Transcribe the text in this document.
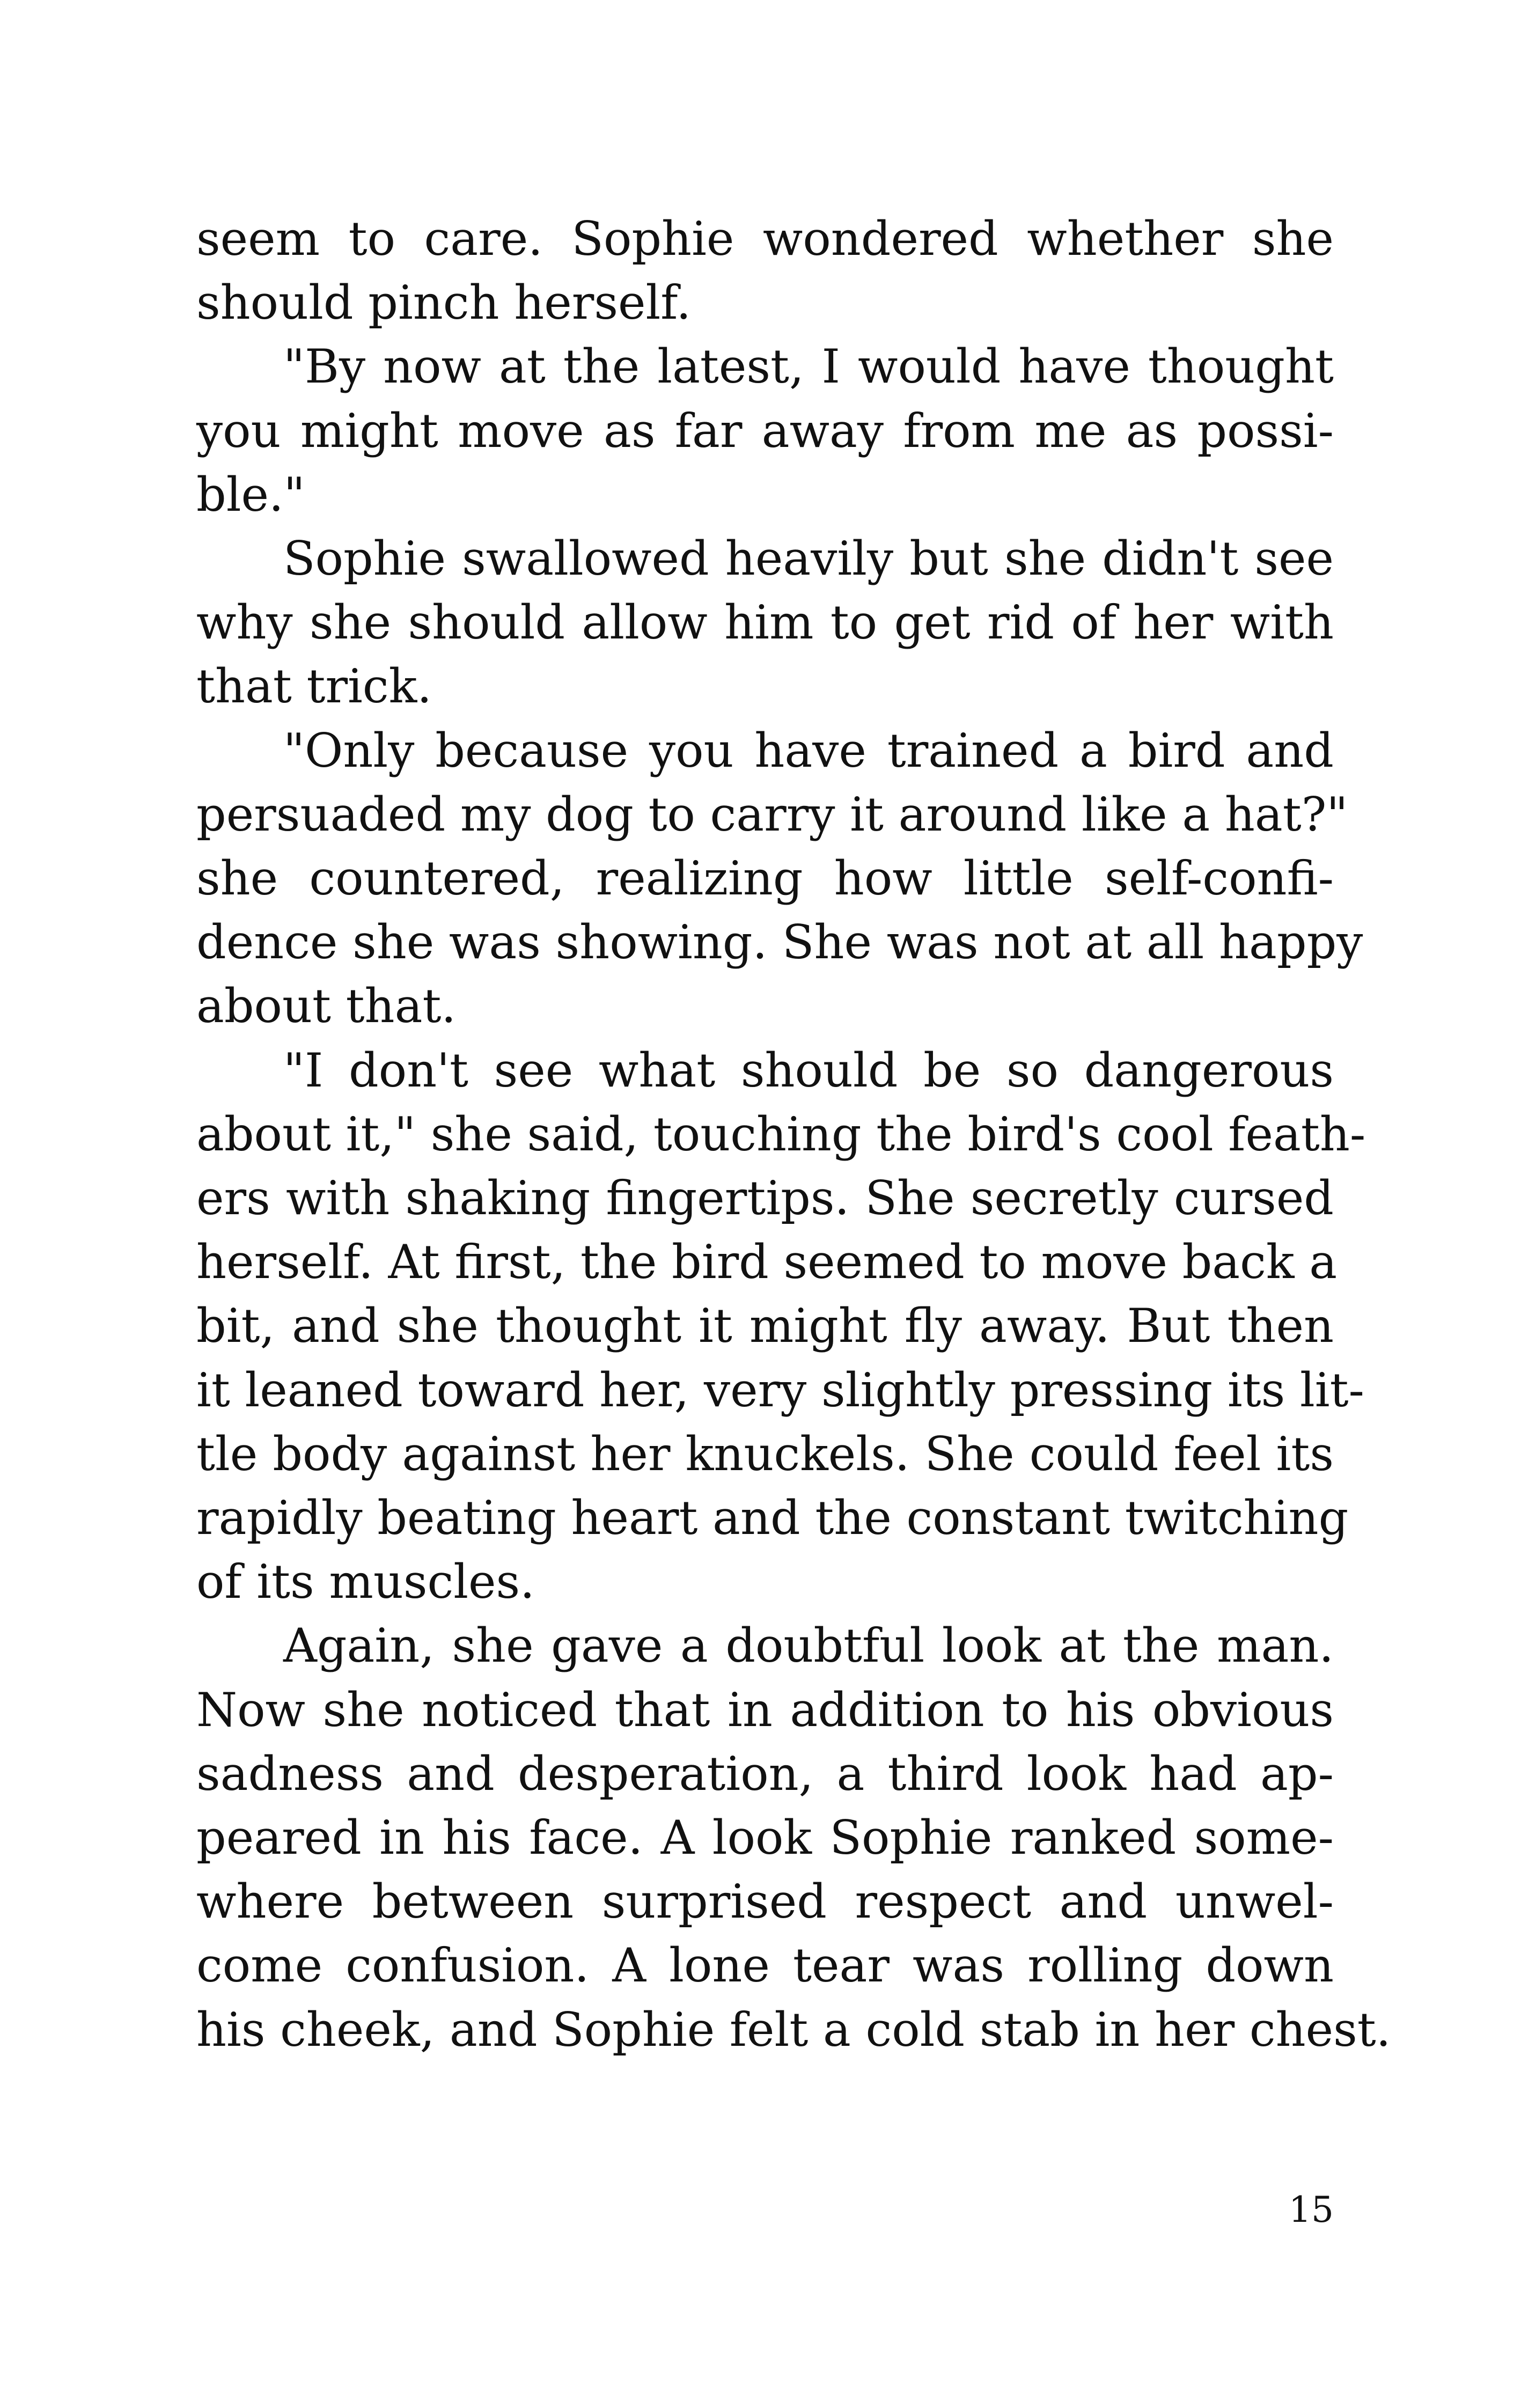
seem to care. Sophie wondered whether she
should pinch herself.

"By now at the latest, I would have thought
you might move as far away from me as possi-
ble."

Sophie swallowed heavily but she didn't see
why she should allow him to get rid of her with
that trick.

"Only because you have trained a bird and
persuaded my dog to carry it around like a hat?"
she countered, realizing how little self-confi-
dence she was showing. She was not at all happy
about that.

"I don't see what should be so dangerous
about it," she said, touching the bird's cool feath-
ers with shaking fingertips. She secretly cursed
herself. At first, the bird seemed to move back a
bit, and she thought it might fly away. But then
it leaned toward her, very slightly pressing its lit-
tle body against her knuckels. She could feel its
rapidly beating heart and the constant twitching
of its muscles.

Again, she gave a doubtful look at the man.
Now she noticed that in addition to his obvious
sadness and desperation, a third look had ap-
peared in his face. A look Sophie ranked some-
where between surprised respect and unwel-
come confusion. A lone tear was rolling down
his cheek, and Sophie felt a cold stab in her chest.

15
